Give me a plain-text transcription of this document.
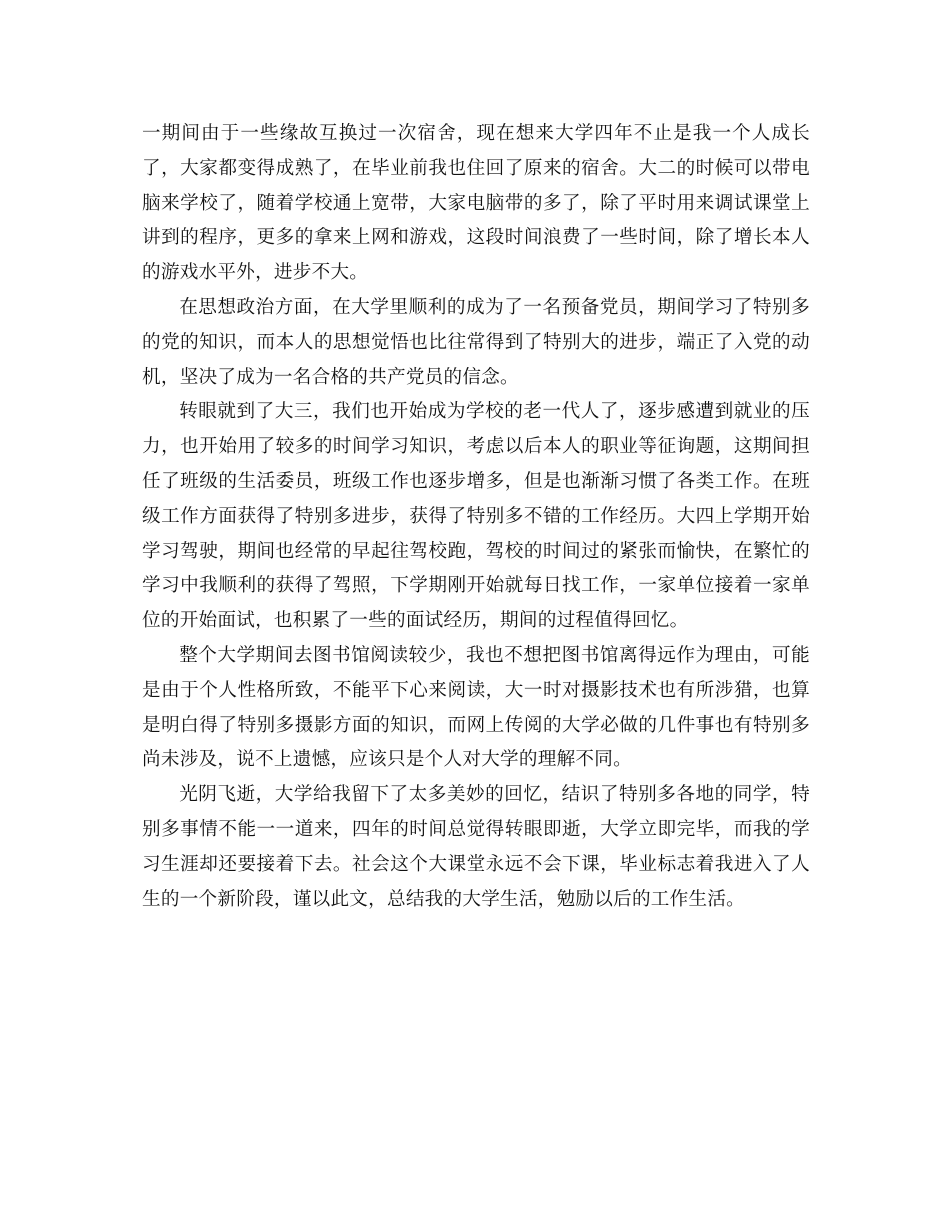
一期间由于一些缘故互换过一次宿舍，现在想来大学四年不止是我一个人成长了，大家都变得成熟了，在毕业前我也住回了原来的宿舍。大二的时候可以带电脑来学校了，随着学校通上宽带，大家电脑带的多了，除了平时用来调试课堂上讲到的程序，更多的拿来上网和游戏，这段时间浪费了一些时间，除了增长本人的游戏水平外，进步不大。

在思想政治方面，在大学里顺利的成为了一名预备党员，期间学习了特别多的党的知识，而本人的思想觉悟也比往常得到了特别大的进步，端正了入党的动机，坚决了成为一名合格的共产党员的信念。

转眼就到了大三，我们也开始成为学校的老一代人了，逐步感遭到就业的压力，也开始用了较多的时间学习知识，考虑以后本人的职业等征询题，这期间担任了班级的生活委员，班级工作也逐步增多，但是也渐渐习惯了各类工作。在班级工作方面获得了特别多进步，获得了特别多不错的工作经历。大四上学期开始学习驾驶，期间也经常的早起往驾校跑，驾校的时间过的紧张而愉快，在繁忙的学习中我顺利的获得了驾照，下学期刚开始就每日找工作，一家单位接着一家单位的开始面试，也积累了一些的面试经历，期间的过程值得回忆。

整个大学期间去图书馆阅读较少，我也不想把图书馆离得远作为理由，可能是由于个人性格所致，不能平下心来阅读，大一时对摄影技术也有所涉猎，也算是明白得了特别多摄影方面的知识，而网上传阅的大学必做的几件事也有特别多尚未涉及，说不上遗憾，应该只是个人对大学的理解不同。

光阴飞逝，大学给我留下了太多美妙的回忆，结识了特别多各地的同学，特别多事情不能一一道来，四年的时间总觉得转眼即逝，大学立即完毕，而我的学习生涯却还要接着下去。社会这个大课堂永远不会下课，毕业标志着我进入了人生的一个新阶段，谨以此文，总结我的大学生活，勉励以后的工作生活。
